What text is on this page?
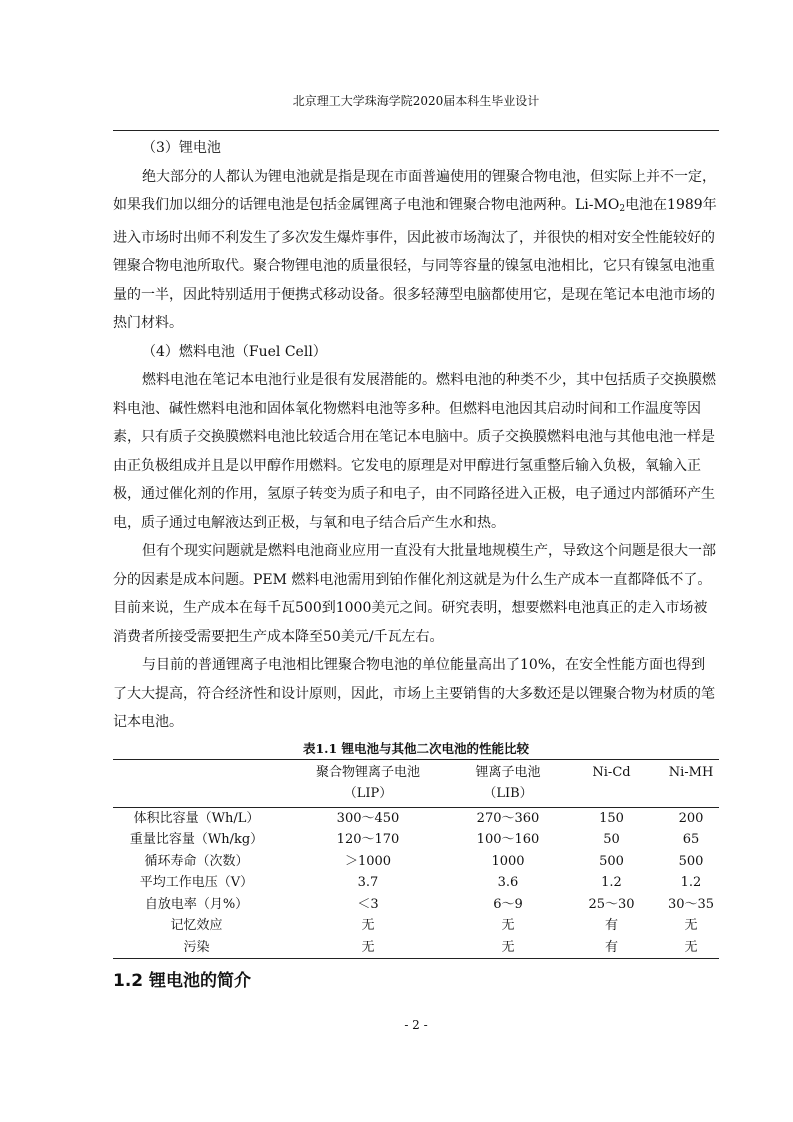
北京理工大学珠海学院2020届本科生毕业设计

（3）锂电池

绝大部分的人都认为锂电池就是指是现在市面普遍使用的锂聚合物电池，但实际上并不一定，如果我们加以细分的话锂电池是包括金属锂离子电池和锂聚合物电池两种。$Li-MO_2$电池在1989年进入市场时出师不利发生了多次发生爆炸事件，因此被市场淘汰了，并很快的相对安全性能较好的锂聚合物电池所取代。聚合物锂电池的质量很轻，与同等容量的镍氢电池相比，它只有镍氢电池重量的一半，因此特别适用于便携式移动设备。很多轻薄型电脑都使用它，是现在笔记本电池市场的热门材料。

（4）燃料电池（Fuel Cell）

燃料电池在笔记本电池行业是很有发展潜能的。燃料电池的种类不少，其中包括质子交换膜燃料电池、碱性燃料电池和固体氧化物燃料电池等多种。但燃料电池因其启动时间和工作温度等因素，只有质子交换膜燃料电池比较适合用在笔记本电脑中。质子交换膜燃料电池与其他电池一样是由正负极组成并且是以甲醇作用燃料。它发电的原理是对甲醇进行氢重整后输入负极，氧输入正极，通过催化剂的作用，氢原子转变为质子和电子，由不同路径进入正极，电子通过内部循环产生电，质子通过电解液达到正极，与氧和电子结合后产生水和热。

但有个现实问题就是燃料电池商业应用一直没有大批量地规模生产，导致这个问题是很大一部分的因素是成本问题。PEM 燃料电池需用到铂作催化剂这就是为什么生产成本一直都降低不了。目前来说，生产成本在每千瓦500到1000美元之间。研究表明，想要燃料电池真正的走入市场被消费者所接受需要把生产成本降至50美元/千瓦左右。

与目前的普通锂离子电池相比锂聚合物电池的单位能量高出了10%，在安全性能方面也得到了大大提高，符合经济性和设计原则，因此，市场上主要销售的大多数还是以锂聚合物为材质的笔记本电池。

表1.1 锂电池与其他二次电池的性能比较
	聚合物锂离子电池	锂离子电池	Ni-Cd	Ni-MH
	（LIP）	（LIB）		
体积比容量（Wh/L）	300～450	270～360	150	200
重量比容量（Wh/kg）	120～170	100～160	50	65
循环寿命（次数）	＞1000	1000	500	500
平均工作电压（V）	3.7	3.6	1.2	1.2
自放电率（月%）	＜3	6～9	25～30	30～35
记忆效应	无	无	有	无
污染	无	无	有	无
1.2 锂电池的简介
- 2 -
